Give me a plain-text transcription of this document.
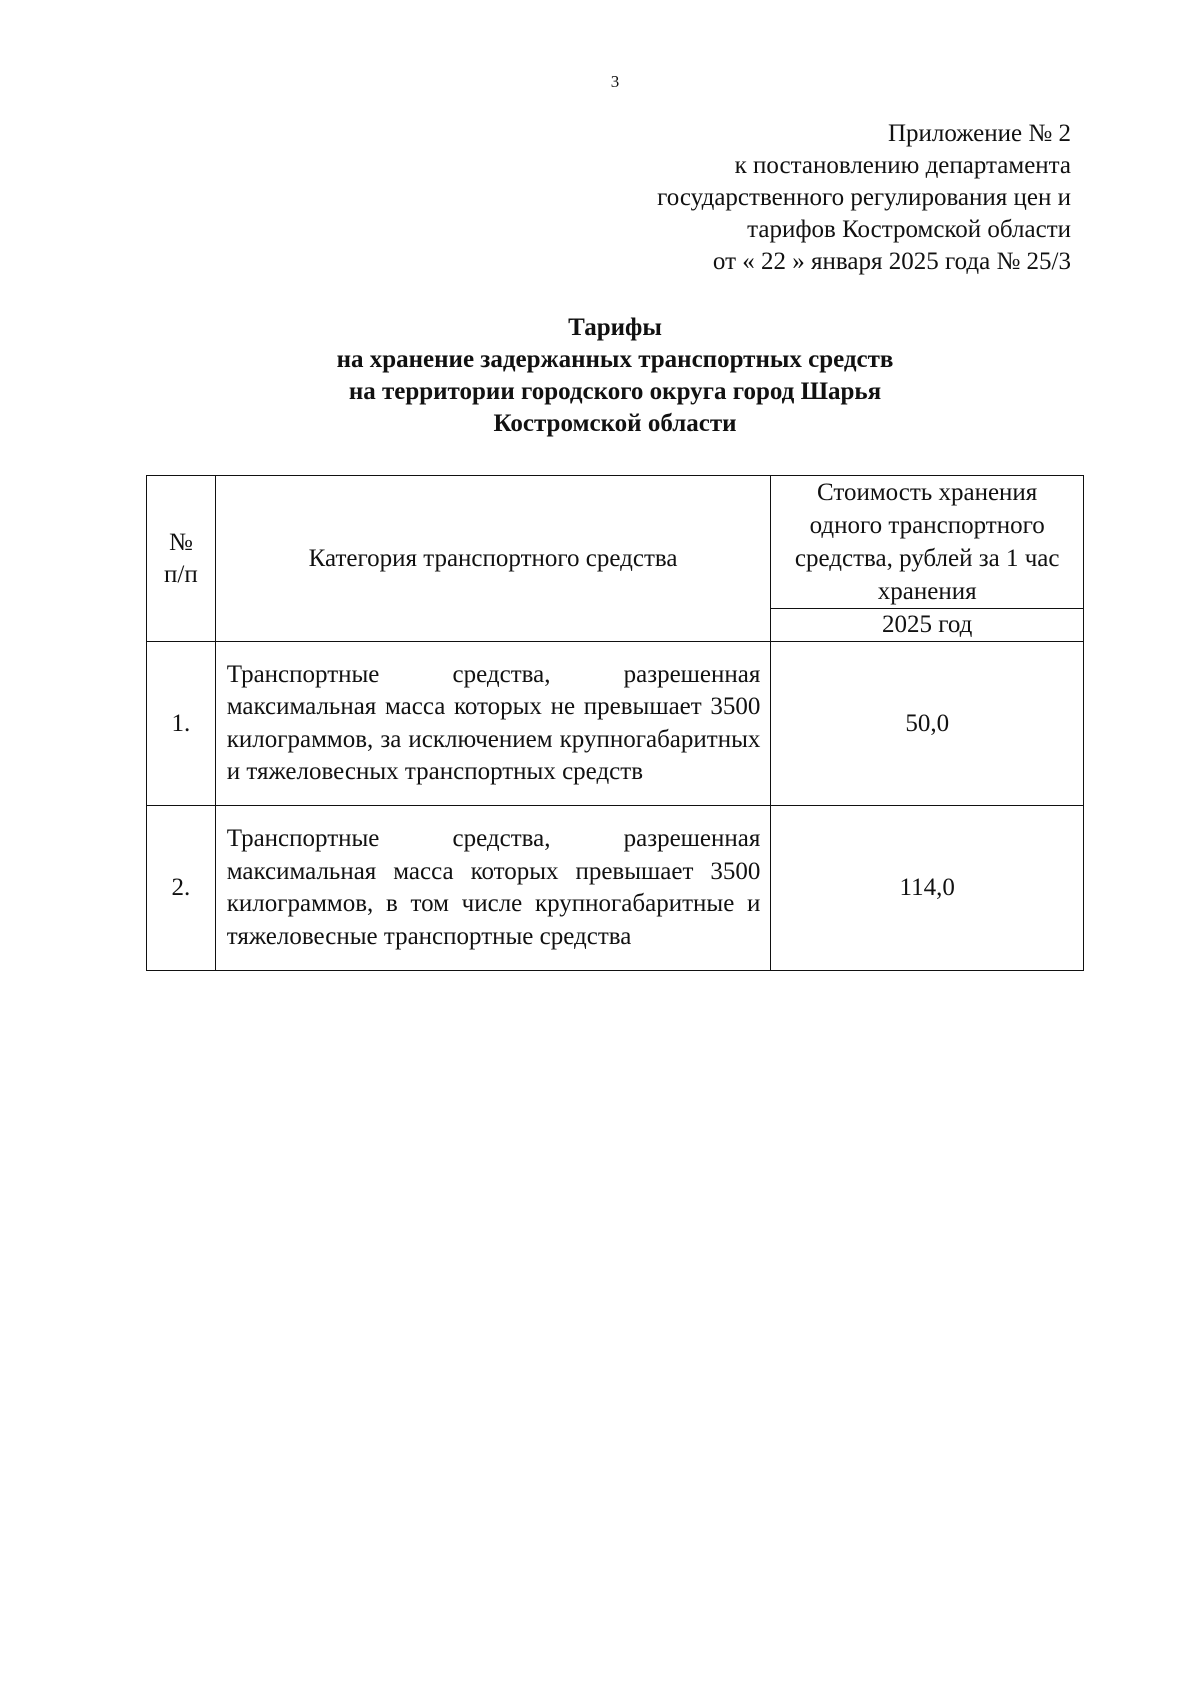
3
Приложение № 2
к постановлению департамента
государственного регулирования цен и
тарифов Костромской области
от « 22 » января 2025 года № 25/3
Тарифы
на хранение задержанных транспортных средств
на территории городского округа город Шарья
Костромской области
№ п/п	Категория транспортного средства	Стоимость хранения одного транспортного средства, рублей за 1 час хранения

		2025 год
1.	Транспортные средства, разрешенная максимальная масса которых не превышает 3500 килограммов, за исключением крупногабаритных и тяжеловесных транспортных средств	50,0
2.	Транспортные средства, разрешенная максимальная масса которых превышает 3500 килограммов, в том числе крупногабаритные и тяжеловесные транспортные средства	114,0
